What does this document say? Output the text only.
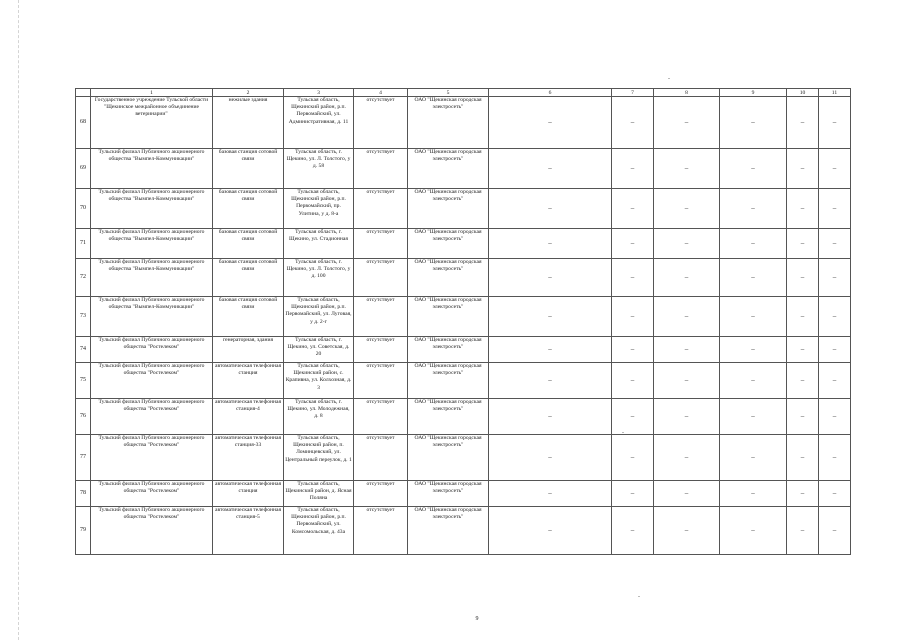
	1	2	3	4	5	6	7	8	9	10	11
68	Государственное учреждение Тульской области "Щекинское межрайонное объединение ветеринарии"	нежилые здания	Тульская область, Щекинский район, р.п. Первомайский, ул. Административная, д. 11	отсутствует	ОАО "Щекинская городская электросеть"	–	–	–	–	–	–
69	Тульский филиал Публичного акционерного общества "Вымпел-Коммуникации"	базовая станция сотовой связи	Тульская область, г. Щекино, ул. Л. Толстого, у д. 58	отсутствует	ОАО "Щекинская городская электросеть"	–	–	–	–	–	–
70	Тульский филиал Публичного акционерного общества "Вымпел-Коммуникации"	базовая станция сотовой связи	Тульская область, Щекинский район, р.п. Первомайский, пр. Улитина, у д. 8-а	отсутствует	ОАО "Щекинская городская электросеть"	–	–	–	–	–	–
71	Тульский филиал Публичного акционерного общества "Вымпел-Коммуникации"	базовая станция сотовой связи	Тульская область, г. Щекино, ул. Стадионная	отсутствует	ОАО "Щекинская городская электросеть"	–	–	–	–	–	–
72	Тульский филиал Публичного акционерного общества "Вымпел-Коммуникации"	базовая станция сотовой связи	Тульская область, г. Щекино, ул. Л. Толстого, у д. 100	отсутствует	ОАО "Щекинская городская электросеть"	–	–	–	–	–	–
73	Тульский филиал Публичного акционерного общества "Вымпел-Коммуникации"	базовая станция сотовой связи	Тульская область, Щекинский район, р.п. Первомайский, ул. Луговая, у д. 2-г	отсутствует	ОАО "Щекинская городская электросеть"	–	–	–	–	–	–
74	Тульский филиал Публичного акционерного общества "Ростелеком"	генераторная, здания	Тульская область, г. Щекино, ул. Советская, д. 20	отсутствует	ОАО "Щекинская городская электросеть"	–	–	–	–	–	–
75	Тульский филиал Публичного акционерного общества "Ростелеком"	автоматическая телефонная станция	Тульская область, Щекинский район, с. Крапивна, ул. Колхозная, д. 3	отсутствует	ОАО "Щекинская городская электросеть"	–	–	–	–	–	–
76	Тульский филиал Публичного акционерного общества "Ростелеком"	автоматическая телефонная станция-4	Тульская область, г. Щекино, ул. Молодежная, д. 8	отсутствует	ОАО "Щекинская городская электросеть"	–	–	–	–	–	–
77	Тульский филиал Публичного акционерного общества "Ростелеком"	автоматическая телефонная станция-33	Тульская область, Щекинский район, п. Ломинцевский, ул. Центральный переулок, д. 1	отсутствует	ОАО "Щекинская городская электросеть"	–	–	–	–	–	–
78	Тульский филиал Публичного акционерного общества "Ростелеком"	автоматическая телефонная станция	Тульская область, Щекинский район, д. Ясная Поляна	отсутствует	ОАО "Щекинская городская электросеть"	–	–	–	–	–	–
79	Тульский филиал Публичного акционерного общества "Ростелеком"	автоматическая телефонная станция-5	Тульская область, Щекинский район, р.п. Первомайский, ул. Комсомольская, д. 43а	отсутствует	ОАО "Щекинская городская электросеть"	–	–	–	–	–	–
9
